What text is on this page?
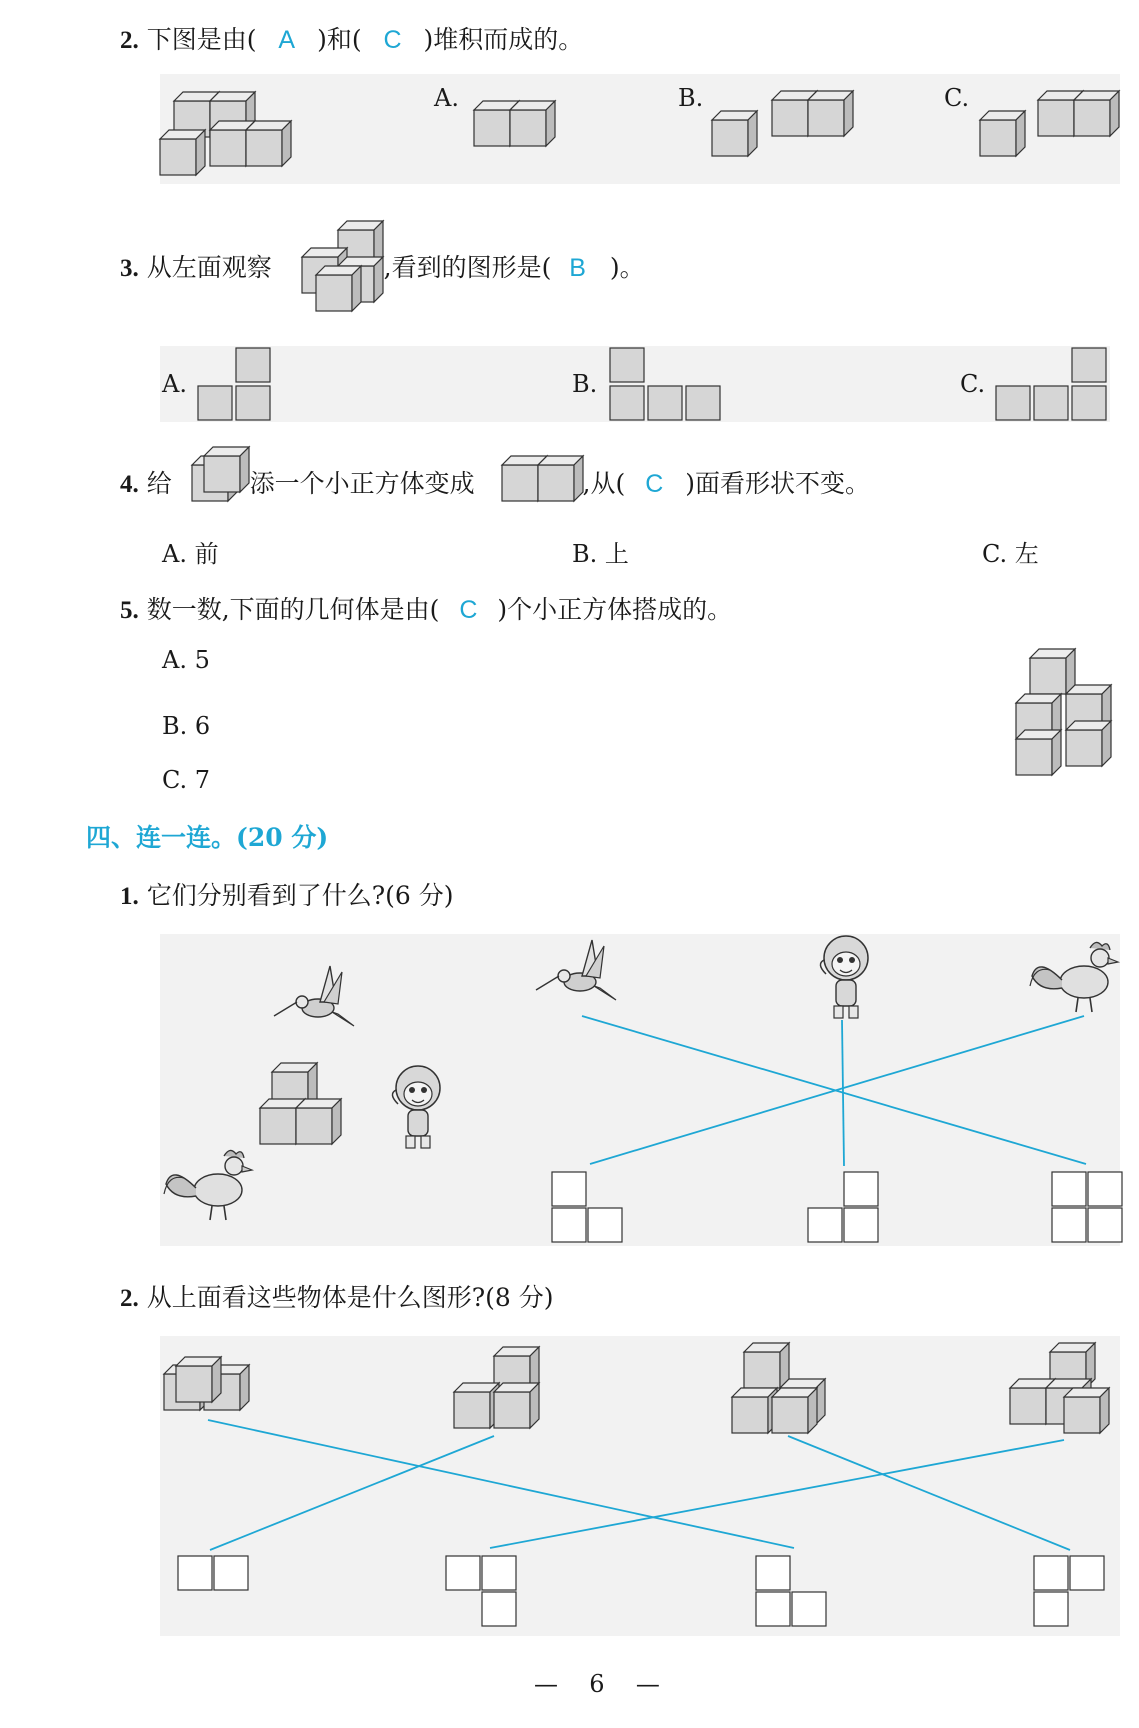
2. 下图是由( A )和( C )堆积而成的。
A.	B.	C.
3. 从左面观察	,看到的图形是( B )。
A.	B.	C.
4. 给	添一个小正方体变成	,从( C )面看形状不变。
A. 前	B. 上	C. 左
5. 数一数,下面的几何体是由( C )个小正方体搭成的。
A. 5
B. 6
C. 7
四、连一连。(20 分)
1. 它们分别看到了什么?(6 分)
2. 从上面看这些物体是什么图形?(8 分)
— 6 —
